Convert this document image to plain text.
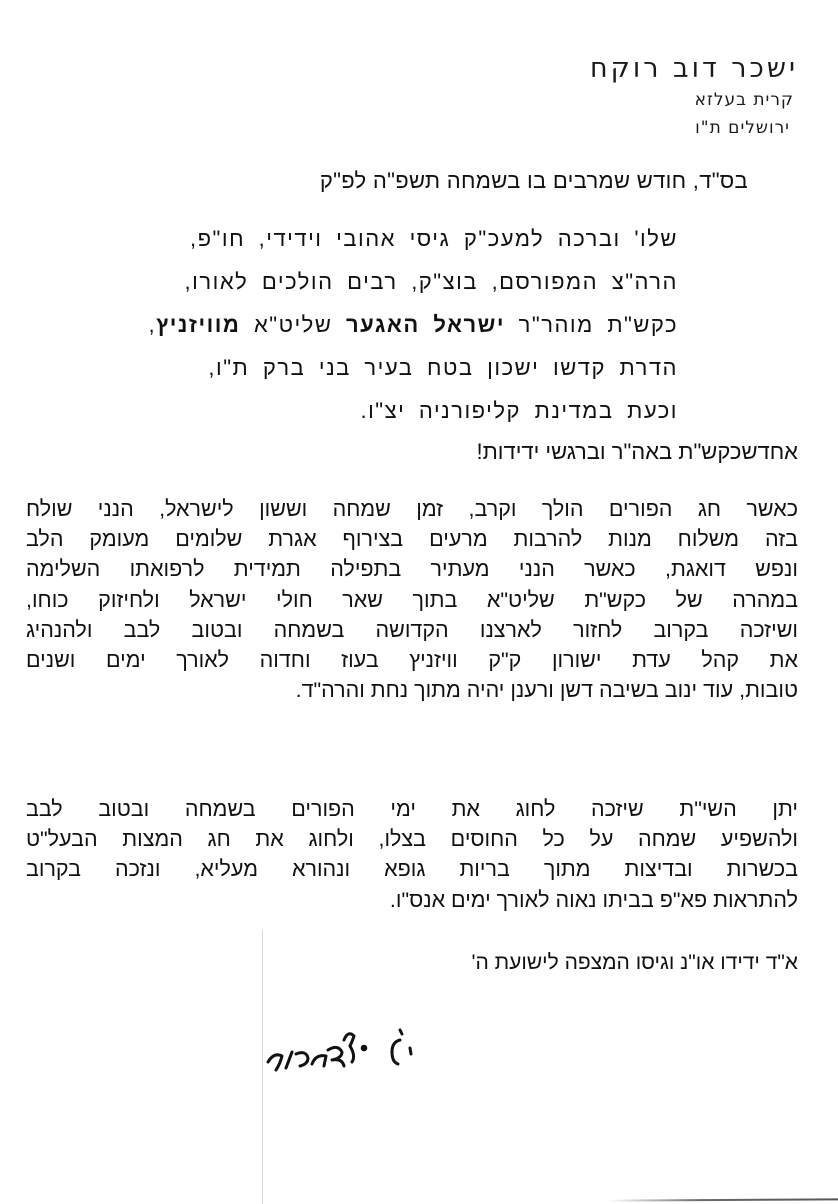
ישכר דוב רוקח
קרית בעלזא
ירושלים ת"ו
בס"ד, חודש שמרבים בו בשמחה תשפ"ה לפ"ק
שלו' וברכה למעכ"ק גיסי אהובי וידידי, חו"פ,
הרה"צ המפורסם, בוצ"ק, רבים הולכים לאורו,
כקש"ת מוהר"ר ישראל האגער שליט"א מוויזניץ,
הדרת קדשו ישכון בטח בעיר בני ברק ת"ו,
וכעת במדינת קליפורניה יצ"ו.
אחדשכקש"ת באה"ר וברגשי ידידות!
כאשר חג הפורים הולך וקרב, זמן שמחה וששון לישראל, הנני שולח
בזה משלוח מנות להרבות מרעים בצירוף אגרת שלומים מעומק הלב
ונפש דואגת, כאשר הנני מעתיר בתפילה תמידית לרפואתו השלימה
במהרה של כקש"ת שליט"א בתוך שאר חולי ישראל ולחיזוק כוחו,
ושיזכה בקרוב לחזור לארצנו הקדושה בשמחה ובטוב לבב ולהנהיג
את קהל עדת ישורון ק"ק וויזניץ בעוז וחדוה לאורך ימים ושנים
טובות, עוד ינוב בשיבה דשן ורענן יהיה מתוך נחת והרה"ד.
יתן השי"ת שיזכה לחוג את ימי הפורים בשמחה ובטוב לבב
ולהשפיע שמחה על כל החוסים בצלו, ולחוג את חג המצות הבעל"ט
בכשרות ובדיצות מתוך בריות גופא ונהורא מעליא, ונזכה בקרוב
להתראות פא"פ בביתו נאוה לאורך ימים אנס"ו.
א"ד ידידו או"נ וגיסו המצפה לישועת ה'
